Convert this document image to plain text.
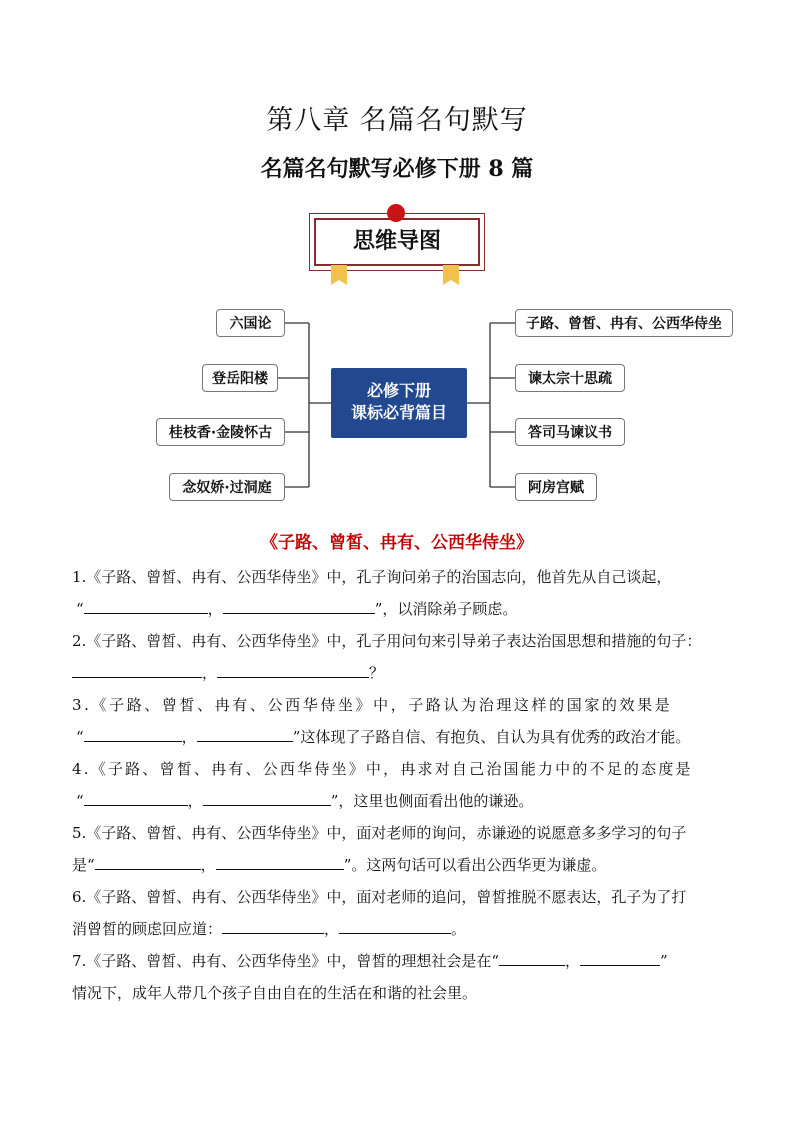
第八章 名篇名句默写
名篇名句默写必修下册 8 篇
思维导图
六国论
登岳阳楼
桂枝香·金陵怀古
念奴娇·过洞庭
必修下册
课标必背篇目
子路、曾皙、冉有、公西华侍坐
谏太宗十思疏
答司马谏议书
阿房宫赋
《子路、曾皙、冉有、公西华侍坐》
1.《子路、曾皙、冉有、公西华侍坐》中，孔子询问弟子的治国志向，他首先从自己谈起，
“	，	”，以消除弟子顾虑。
2.《子路、曾皙、冉有、公西华侍坐》中，孔子用问句来引导弟子表达治国思想和措施的句子：
，	？
3.《子路、曾皙、冉有、公西华侍坐》中，子路认为治理这样的国家的效果是
“	，	”这体现了子路自信、有抱负、自认为具有优秀的政治才能。
4.《子路、曾皙、冉有、公西华侍坐》中，冉求对自己治国能力中的不足的态度是
“	，	”，这里也侧面看出他的谦逊。
5.《子路、曾皙、冉有、公西华侍坐》中，面对老师的询问，赤谦逊的说愿意多多学习的句子
是“	，	”。这两句话可以看出公西华更为谦虚。
6.《子路、曾皙、冉有、公西华侍坐》中，面对老师的追问，曾皙推脱不愿表达，孔子为了打
消曾皙的顾虑回应道：	，	。
7.《子路、曾皙、冉有、公西华侍坐》中，曾皙的理想社会是在“	，	”
情况下，成年人带几个孩子自由自在的生活在和谐的社会里。
